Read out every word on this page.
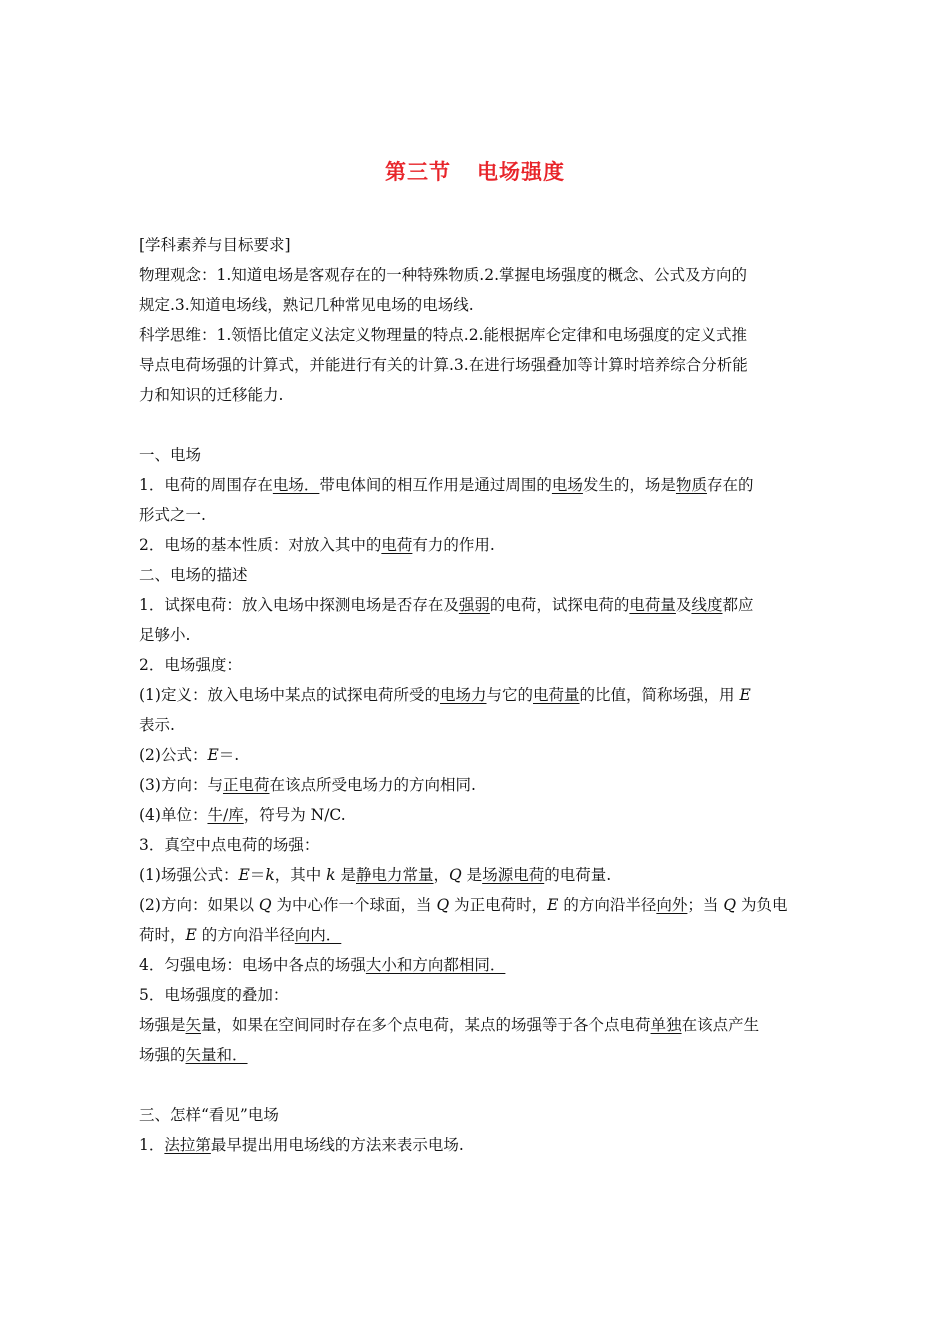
第三节 电场强度
[学科素养与目标要求]
物理观念：1.知道电场是客观存在的一种特殊物质.2.掌握电场强度的概念、公式及方向的
规定.3.知道电场线，熟记几种常见电场的电场线.
科学思维：1.领悟比值定义法定义物理量的特点.2.能根据库仑定律和电场强度的定义式推
导点电荷场强的计算式，并能进行有关的计算.3.在进行场强叠加等计算时培养综合分析能
力和知识的迁移能力.
一、电场
1．电荷的周围存在电场．带电体间的相互作用是通过周围的电场发生的，场是物质存在的
形式之一.
2．电场的基本性质：对放入其中的电荷有力的作用.
二、电场的描述
1．试探电荷：放入电场中探测电场是否存在及强弱的电荷，试探电荷的电荷量及线度都应
足够小.
2．电场强度：
(1)定义：放入电场中某点的试探电荷所受的电场力与它的电荷量的比值，简称场强，用 E
表示.
(2)公式：E＝.
(3)方向：与正电荷在该点所受电场力的方向相同.
(4)单位：牛/库，符号为 N/C.
3．真空中点电荷的场强：
(1)场强公式：E＝k，其中 k 是静电力常量，Q 是场源电荷的电荷量.
(2)方向：如果以 Q 为中心作一个球面，当 Q 为正电荷时，E 的方向沿半径向外；当 Q 为负电
荷时，E 的方向沿半径向内．
4．匀强电场：电场中各点的场强大小和方向都相同．
5．电场强度的叠加：
场强是矢量，如果在空间同时存在多个点电荷，某点的场强等于各个点电荷单独在该点产生
场强的矢量和．
三、怎样“看见”电场
1．法拉第最早提出用电场线的方法来表示电场.
